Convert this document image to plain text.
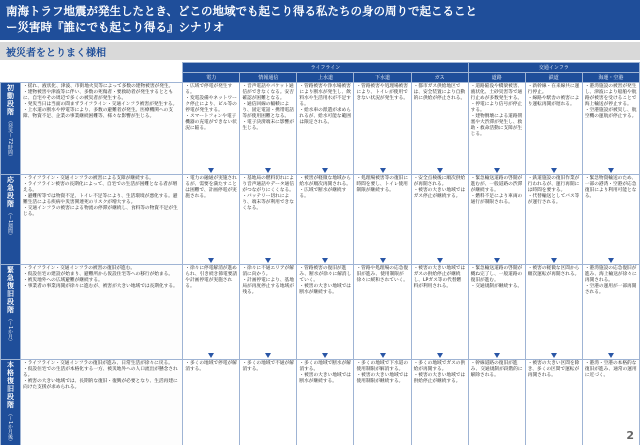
南海トラフ地震が発生したとき、どこの地域でも起こり得る私たちの身の周りで起こること
ー災害時『誰にでも起こり得る』シナリオ
被災者をとりまく様相
		ライフライン					交通インフラ		
		電力	情報通信	上水道	下水道	ガス	道路	鉄道	海運・空港
初動段階（発災～72時間）	・揺れ、液状化、津波、市街地火災等によって多数の建物被害が発生。
・建物被害や津波等に伴い、多数の死傷者・要救助者が発生するとともに、自宅やその周辺で多くの被災者が発生する。
・発災当日は当面の間まずライフライン・交通インフラ被害が発生する。
・上水道の断水や停電等により、多数の避難者が発生。医療機関への支障、物資不足、企業の事業継続困難等、様々な影響が生じる。	・広域で停電が発生する。
・変電設備やネットワーク停止により、ビル等の停電が発生する。
・スマートフォンや電子機器の充電ができない状況に陥る。	・音声電話やパケット通信ができなくなる。安否確認が困難となる。
・通信回線の輻輳により、固定電話・携帯電話等が使用困難となる。
・電子決済端末に影響が生じる。	・管路被害や浄水場被害により断水が発生し、飲料水や生活用水が不足する。
・給水車の派遣が求められるが、給水可能な範囲は限定される。	・管路被害や処理場被害により、トイレが使用できない状況が発生する。	・都市ガス供給地区では、安全装置により自動的に供給が停止される。	・道路陥没や橋梁被害、液状化、土砂災害等で通行止めが多数発生する。
・停電により信号が停止する。
・建物倒壊による道路閉塞や大渋滞が発生し、救助・救命活動に支障が生じる。	・新幹線・在来線共に運行停止。
・線路や駅舎の被害により運転再開が遅れる。	・港湾施設の被害が発生し、津波により船舶や航路が被害を受けることで海上輸送が停止する。
・空港施設が被災し、航空機の運航が停止する。

応急段階（～1週間）	・ライフライン・交通インフラの被害による支障が継続する。
・ライフライン被害の長期化によって、自宅での生活が困難となる者が増える。
・避難所等では物資不足、トイレ不足等により、生活環境が悪化する。避難生活による疾病や災害関連死のリスクが増大する。
・交通インフラの被害による物流の停滞が継続し、食料等の物資不足が生じる。	・電力の融通が実施されるが、需要を満たすことは困難で、計画停電が実施される。	・基地局の燃料切れにより音声通話やデータ通信がつながりにくくなる。
・バッテリー切れにより、端末等が利用できなくなる。	・被害が軽微な地域から給水が順次再開される。
・広域で断水が継続する。	・処理場被害等の復旧に時間を要し、トイレ使用制限が継続する。	・安全点検後に順次供給が再開される。
・被害の大きい地域ではガス停止が継続する。	・緊急輸送道路の啓開が進むが、一般道路の渋滞が継続する。
・燃料不足により車両の通行が制限される。	・鉄道施設の復旧作業が行われるが、運行再開には時間を要する。
・代替輸送としてバス等が運行される。	・緊急物資輸送のため、一部の港湾・空港が応急復旧により利用可能となる。

緊急復旧段階（～1か月）	・ライフライン・交通インフラの被害の復旧が進む。
・仮設住宅の建設が始まり、避難所から仮設住宅等への移行が始まる。
・被災地外への広域避難が継続する。
・事業者の事業再開が徐々に進むが、被害が大きい地域では長期化する。	・徐々に停電解消が進められ、引き続き節電要請や計画停電が実施される。	・徐々に不通エリアが解消に向かう。
・計画停電により、基地局が再度停止する地域が残る。	・管路被害の復旧が進み、断水が徐々に解消していく。
・被害の大きい地域では断水が継続する。	・管路や処理場の応急復旧が進み、使用制限が徐々に緩和されていく。	・被害の大きい地域ではガスの供給停止が継続し、LPガス等の代替燃料が利用される。	・緊急輸送道路の啓開が概ね完了し、一般道路の復旧が進む。
・交通規制が継続する。	・被害の軽微な区間から順次運転が再開される。	・港湾施設の応急復旧が進み、海上輸送が徐々に再開される。
・空港の運用が一部再開される。

本格復旧段階（～1か月後）	・ライフライン・交通インフラの復旧が進み、日常生活が徐々に戻る。
・仮設住宅での生活が本格化する一方、被災地外への人口流出が懸念される。
・被害の大きい地域では、長期的な復旧・復興が必要となり、生活再建に向けた支援が求められる。	・多くの地域で停電が解消する。	・多くの地域で不通が解消する。	・多くの地域で断水が解消する。
・被害の大きい地域では断水が継続する。	・多くの地域で下水道の使用制限が解消する。
・被害の大きい地域では使用制限が継続する。	・多くの地域でガスの供給が再開する。
・被害の大きい地域では供給停止が継続する。	・幹線道路の復旧が進み、交通規制が段階的に解除される。	・被害の大きい区間を除き、多くの区間で運転が再開される。	・港湾・空港の本格的な復旧が進み、通常の運用に近づく。
2
